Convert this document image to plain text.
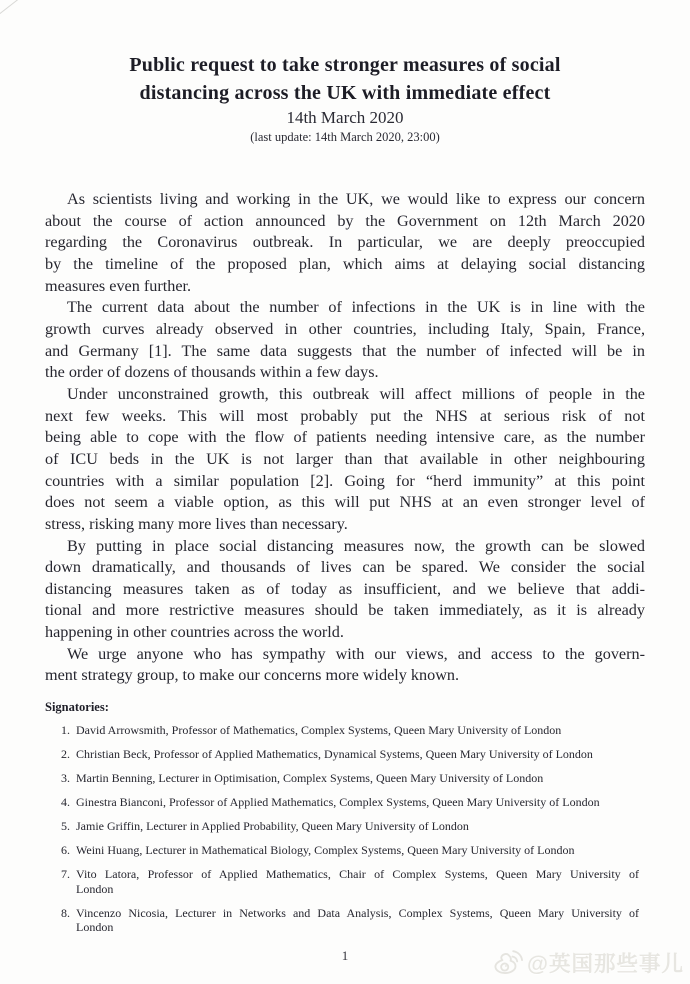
Public request to take stronger measures of social
distancing across the UK with immediate effect
14th March 2020
(last update: 14th March 2020, 23:00)
As scientists living and working in the UK, we would like to express our concern
about the course of action announced by the Government on 12th March 2020
regarding the Coronavirus outbreak. In particular, we are deeply preoccupied
by the timeline of the proposed plan, which aims at delaying social distancing
measures even further.
The current data about the number of infections in the UK is in line with the
growth curves already observed in other countries, including Italy, Spain, France,
and Germany [1]. The same data suggests that the number of infected will be in
the order of dozens of thousands within a few days.
Under unconstrained growth, this outbreak will affect millions of people in the
next few weeks. This will most probably put the NHS at serious risk of not
being able to cope with the flow of patients needing intensive care, as the number
of ICU beds in the UK is not larger than that available in other neighbouring
countries with a similar population [2]. Going for “herd immunity” at this point
does not seem a viable option, as this will put NHS at an even stronger level of
stress, risking many more lives than necessary.
By putting in place social distancing measures now, the growth can be slowed
down dramatically, and thousands of lives can be spared. We consider the social
distancing measures taken as of today as insufficient, and we believe that addi-
tional and more restrictive measures should be taken immediately, as it is already
happening in other countries across the world.
We urge anyone who has sympathy with our views, and access to the govern-
ment strategy group, to make our concerns more widely known.
Signatories:
1. David Arrowsmith, Professor of Mathematics, Complex Systems, Queen Mary University of London
2. Christian Beck, Professor of Applied Mathematics, Dynamical Systems, Queen Mary University of London
3. Martin Benning, Lecturer in Optimisation, Complex Systems, Queen Mary University of London
4. Ginestra Bianconi, Professor of Applied Mathematics, Complex Systems, Queen Mary University of London
5. Jamie Griffin, Lecturer in Applied Probability, Queen Mary University of London
6. Weini Huang, Lecturer in Mathematical Biology, Complex Systems, Queen Mary University of London
7. Vito Latora, Professor of Applied Mathematics, Chair of Complex Systems, Queen Mary University of
London
8. Vincenzo Nicosia, Lecturer in Networks and Data Analysis, Complex Systems, Queen Mary University of
London
1	@英国那些事儿
